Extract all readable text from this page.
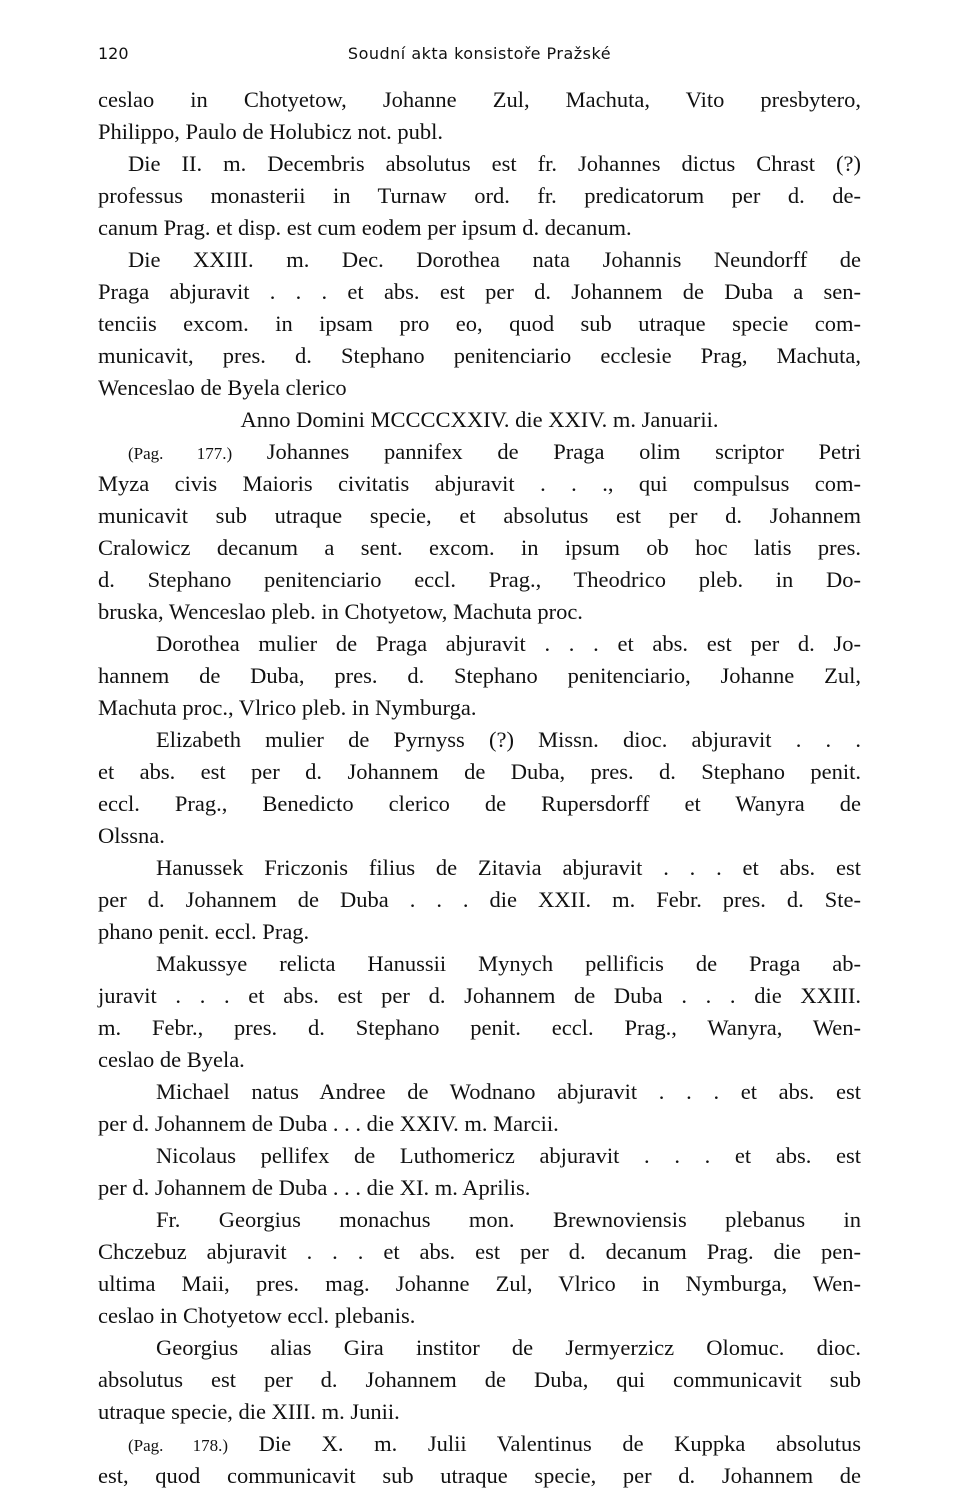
120	Soudní akta konsistoře Pražské
ceslao in Chotyetow, Johanne Zul, Machuta, Vito presbytero,
Philippo, Paulo de Holubicz not. publ.
Die II. m. Decembris absolutus est fr. Johannes dictus Chrast (?)
professus monasterii in Turnaw ord. fr. predicatorum per d. de-
canum Prag. et disp. est cum eodem per ipsum d. decanum.
Die XXIII. m. Dec. Dorothea nata Johannis Neundorff de
Praga abjuravit . . . et abs. est per d. Johannem de Duba a sen-
tenciis excom. in ipsam pro eo, quod sub utraque specie com-
municavit, pres. d. Stephano penitenciario ecclesie Prag, Machuta,
Wenceslao de Byela clerico
Anno Domini MCCCCXXIV. die XXIV. m. Januarii.
(Pag. 177.) Johannes pannifex de Praga olim scriptor Petri
Myza civis Maioris civitatis abjuravit . . ., qui compulsus com-
municavit sub utraque specie, et absolutus est per d. Johannem
Cralowicz decanum a sent. excom. in ipsum ob hoc latis pres.
d. Stephano penitenciario eccl. Prag., Theodrico pleb. in Do-
bruska, Wenceslao pleb. in Chotyetow, Machuta proc.
Dorothea mulier de Praga abjuravit . . . et abs. est per d. Jo-
hannem de Duba, pres. d. Stephano penitenciario, Johanne Zul,
Machuta proc., Vlrico pleb. in Nymburga.
Elizabeth mulier de Pyrnyss (?) Missn. dioc. abjuravit . . .
et abs. est per d. Johannem de Duba, pres. d. Stephano penit.
eccl. Prag., Benedicto clerico de Rupersdorff et Wanyra de
Olssna.
Hanussek Friczonis filius de Zitavia abjuravit . . . et abs. est
per d. Johannem de Duba . . . die XXII. m. Febr. pres. d. Ste-
phano penit. eccl. Prag.
Makussye relicta Hanussii Mynych pellificis de Praga ab-
juravit . . . et abs. est per d. Johannem de Duba . . . die XXIII.
m. Febr., pres. d. Stephano penit. eccl. Prag., Wanyra, Wen-
ceslao de Byela.
Michael natus Andree de Wodnano abjuravit . . . et abs. est
per d. Johannem de Duba . . . die XXIV. m. Marcii.
Nicolaus pellifex de Luthomericz abjuravit . . . et abs. est
per d. Johannem de Duba . . . die XI. m. Aprilis.
Fr. Georgius monachus mon. Brewnoviensis plebanus in
Chczebuz abjuravit . . . et abs. est per d. decanum Prag. die pen-
ultima Maii, pres. mag. Johanne Zul, Vlrico in Nymburga, Wen-
ceslao in Chotyetow eccl. plebanis.
Georgius alias Gira institor de Jermyerzicz Olomuc. dioc.
absolutus est per d. Johannem de Duba, qui communicavit sub
utraque specie, die XIII. m. Junii.
(Pag. 178.) Die X. m. Julii Valentinus de Kuppka absolutus
est, quod communicavit sub utraque specie, per d. Johannem de
